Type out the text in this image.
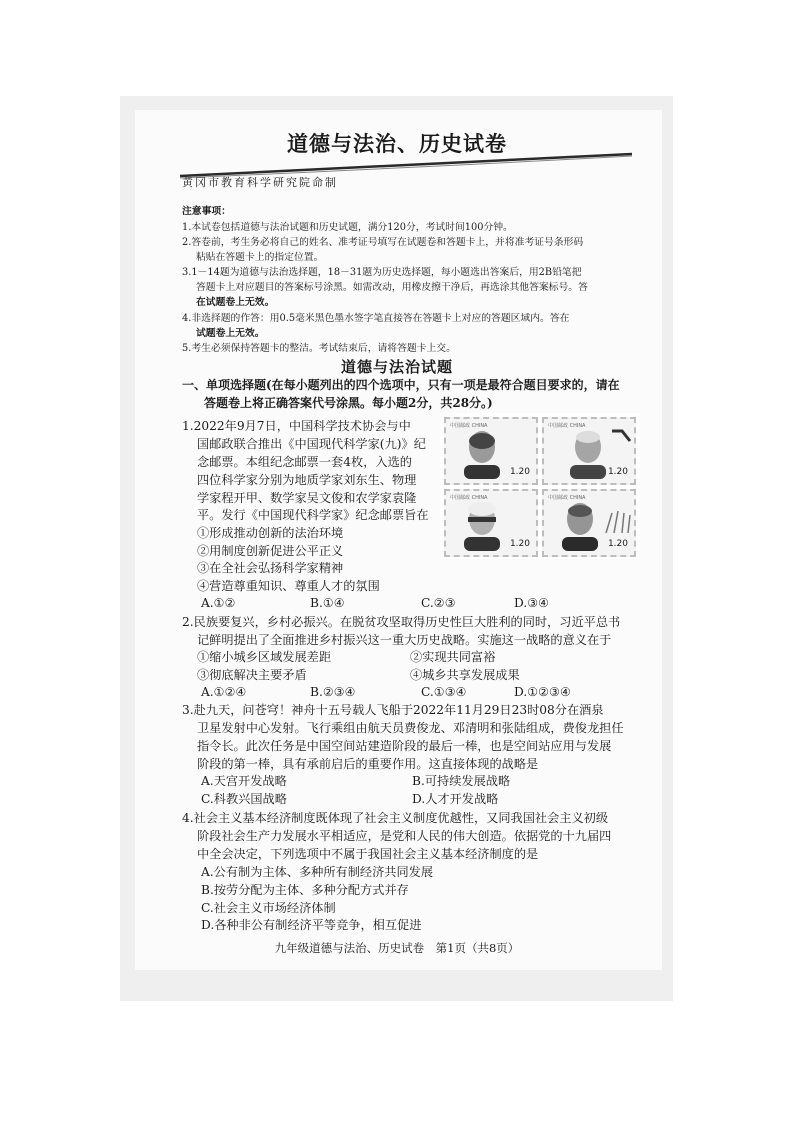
道德与法治、历史试卷
黄冈市教育科学研究院命制
注意事项：
1.本试卷包括道德与法治试题和历史试题，满分120分，考试时间100分钟。
2.答卷前，考生务必将自己的姓名、准考证号填写在试题卷和答题卡上，并将准考证号条形码
粘贴在答题卡上的指定位置。
3.1－14题为道德与法治选择题，18－31题为历史选择题，每小题选出答案后，用2B铅笔把
答题卡上对应题目的答案标号涂黑。如需改动，用橡皮擦干净后，再选涂其他答案标号。答
在试题卷上无效。
4.非选择题的作答：用0.5毫米黑色墨水签字笔直接答在答题卡上对应的答题区域内。答在
试题卷上无效。
5.考生必须保持答题卡的整洁。考试结束后，请将答题卡上交。
道德与法治试题
一、单项选择题(在每小题列出的四个选项中，只有一项是最符合题目要求的，请在
答题卷上将正确答案代号涂黑。每小题2分，共28分。)
1.2022年9月7日，中国科学技术协会与中
国邮政联合推出《中国现代科学家(九)》纪
念邮票。本组纪念邮票一套4枚，入选的
四位科学家分别为地质学家刘东生、物理
学家程开甲、数学家吴文俊和农学家袁隆
平。发行《中国现代科学家》纪念邮票旨在
①形成推动创新的法治环境
②用制度创新促进公平正义
③在全社会弘扬科学家精神
④营造尊重知识、尊重人才的氛围
A.①②	B.①④	C.②③	D.③④
中国邮政 CHINA
1.20
中国邮政 CHINA
1.20
中国邮政 CHINA
1.20
中国邮政 CHINA
1.20
2.民族要复兴，乡村必振兴。在脱贫攻坚取得历史性巨大胜利的同时，习近平总书
记鲜明提出了全面推进乡村振兴这一重大历史战略。实施这一战略的意义在于
①缩小城乡区域发展差距	②实现共同富裕
③彻底解决主要矛盾	④城乡共享发展成果
A.①②④	B.②③④	C.①③④	D.①②③④
3.赴九天，问苍穹！神舟十五号载人飞船于2022年11月29日23时08分在酒泉
卫星发射中心发射。飞行乘组由航天员费俊龙、邓清明和张陆组成，费俊龙担任
指令长。此次任务是中国空间站建造阶段的最后一棒，也是空间站应用与发展
阶段的第一棒，具有承前启后的重要作用。这直接体现的战略是
A.天宫开发战略	B.可持续发展战略
C.科教兴国战略	D.人才开发战略
4.社会主义基本经济制度既体现了社会主义制度优越性，又同我国社会主义初级
阶段社会生产力发展水平相适应，是党和人民的伟大创造。依据党的十九届四
中全会决定，下列选项中不属于我国社会主义基本经济制度的是
A.公有制为主体、多种所有制经济共同发展
B.按劳分配为主体、多种分配方式并存
C.社会主义市场经济体制
D.各种非公有制经济平等竞争，相互促进
九年级道德与法治、历史试卷　第1页（共8页）
